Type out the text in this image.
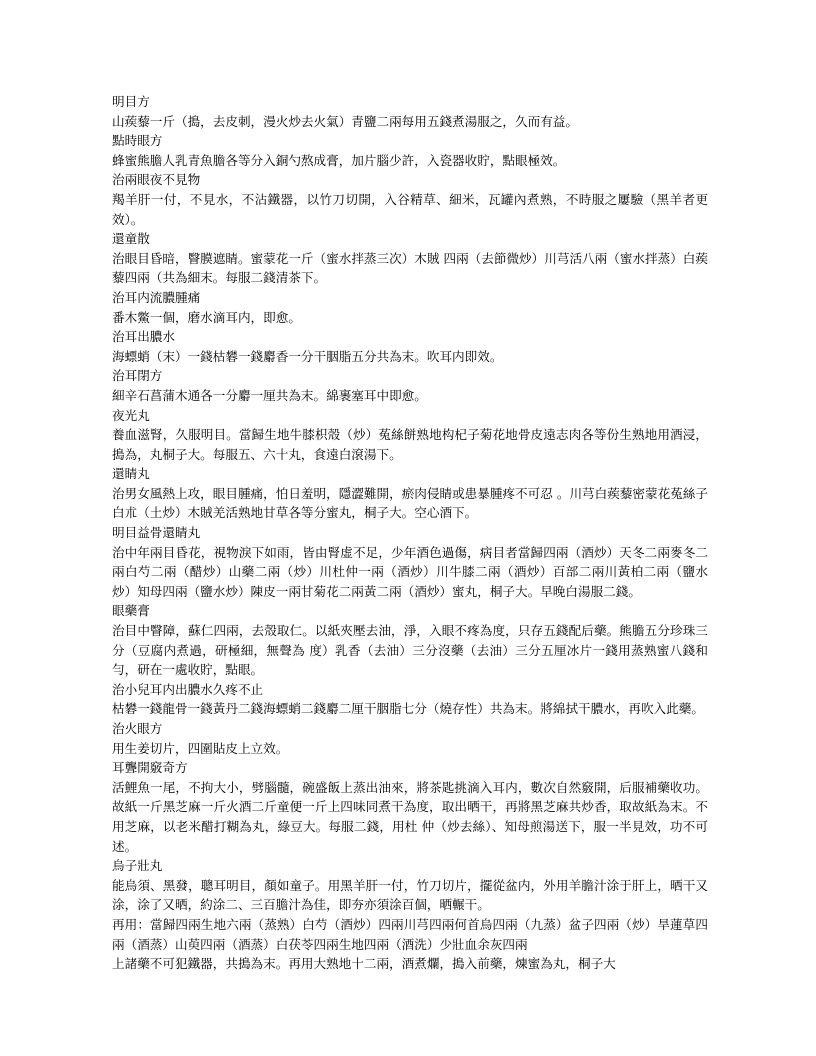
明目方

山蒺藜一斤（搗，去皮刺，漫火炒去火氣）青鹽二兩每用五錢煮湯服之，久而有益。

點時眼方

蜂蜜熊膽人乳青魚膽各等分入銅勺熬成膏，加片腦少許，入瓷器收貯，點眼極效。

治兩眼夜不見物

羯羊肝一付，不見水，不沾鐵器，以竹刀切開，入谷精草、細米，瓦罐內煮熟，不時服之屢驗（黑羊者更效）。

還童散

治眼目昏暗，瞖膜遮睛。蜜蒙花一斤（蜜水拌蒸三次）木賊 四兩（去節微炒）川芎活八兩（蜜水拌蒸）白蒺藜四兩（共為細末。每服二錢清茶下。

治耳内流膿腫痛

番木鱉一個，磨水滴耳内，即愈。

治耳出膿水

海螵蛸（末）一錢枯礬一錢麝香一分干胭脂五分共為末。吹耳内即效。

治耳閉方

細辛石菖蒲木通各一分麝一厘共為末。綿裹塞耳中即愈。

夜光丸

養血滋腎，久服明目。當歸生地牛膝枳殼（炒）菟絲餅熟地构杞子菊花地骨皮遠志肉各等份生熟地用酒浸，搗為，丸桐子大。每服五、六十丸，食遠白滾湯下。

還睛丸

治男女風熱上攻，眼目腫痛，怕日羞明，隱澀難開，瘀肉侵睛或患暴腫疼不可忍 。川芎白蒺藜密蒙花菟絲子白朮（土炒）木賊羌活熟地甘草各等分蜜丸，桐子大。空心酒下。

明目益骨還睛丸

治中年兩目昏花，視物淚下如雨，皆由腎虚不足，少年酒色過傷，病目者當歸四兩（酒炒）天冬二兩麥冬二兩白芍二兩（醋炒）山藥二兩（炒）川杜仲一兩（酒炒）川牛膝二兩（酒炒）百部二兩川黃柏二兩（鹽水炒）知母四兩（鹽水炒）陳皮一兩甘菊花二兩黃二兩（酒炒）蜜丸，桐子大。早晚白湯服二錢。

眼藥膏

治目中瞖障，蘇仁四兩，去殼取仁。以紙夾壓去油，淨，入眼不疼為度，只存五錢配后藥。熊膽五分珍珠三分（豆腐内煮過，研極細，無聲為 度）乳香（去油）三分沒藥（去油）三分五厘冰片一錢用蒸熟蜜八錢和勻，研在一處收貯，點眼。

治小兒耳内出膿水久疼不止

枯礬一錢龍骨一錢黃丹二錢海螵蛸二錢麝二厘干胭脂七分（燒存性）共為末。將綿拭干膿水，再吹入此藥。

治火眼方

用生姜切片，四圍貼皮上立效。

耳聾開竅奇方

活鯉魚一尾，不拘大小，劈腦髓，碗盛飯上蒸出油來，將茶匙挑滴入耳内，數次自然竅開，后服補藥收功。故紙一斤黑芝麻一斤火酒二斤童便一斤上四味同煮干為度，取出晒干，再將黑芝麻共炒香，取故紙為末。不用芝麻，以老米醋打糊為丸，綠豆大。每服二錢，用杜 仲（炒去絲）、知母煎湯送下，服一半見效，功不可述。

烏子壯丸

能烏須、黑發，聰耳明目，顏如童子。用黑羊肝一付，竹刀切片，擺從盆内，外用羊膽汁涂于肝上，晒干又涂，涂了又晒，約涂二、三百膽汁為佳，即夯亦須涂百個，晒輾干。

再用：當歸四兩生地六兩（蒸熟）白芍（酒炒）四兩川芎四兩何首烏四兩（九蒸）盆子四兩（炒）旱蓮草四兩（酒蒸）山萸四兩（酒蒸）白茯苓四兩生地四兩（酒洗）少壯血余灰四兩

上諸藥不可犯鐵器，共搗為末。再用大熟地十二兩，酒煮爛，搗入前藥，煉蜜為丸，桐子大
